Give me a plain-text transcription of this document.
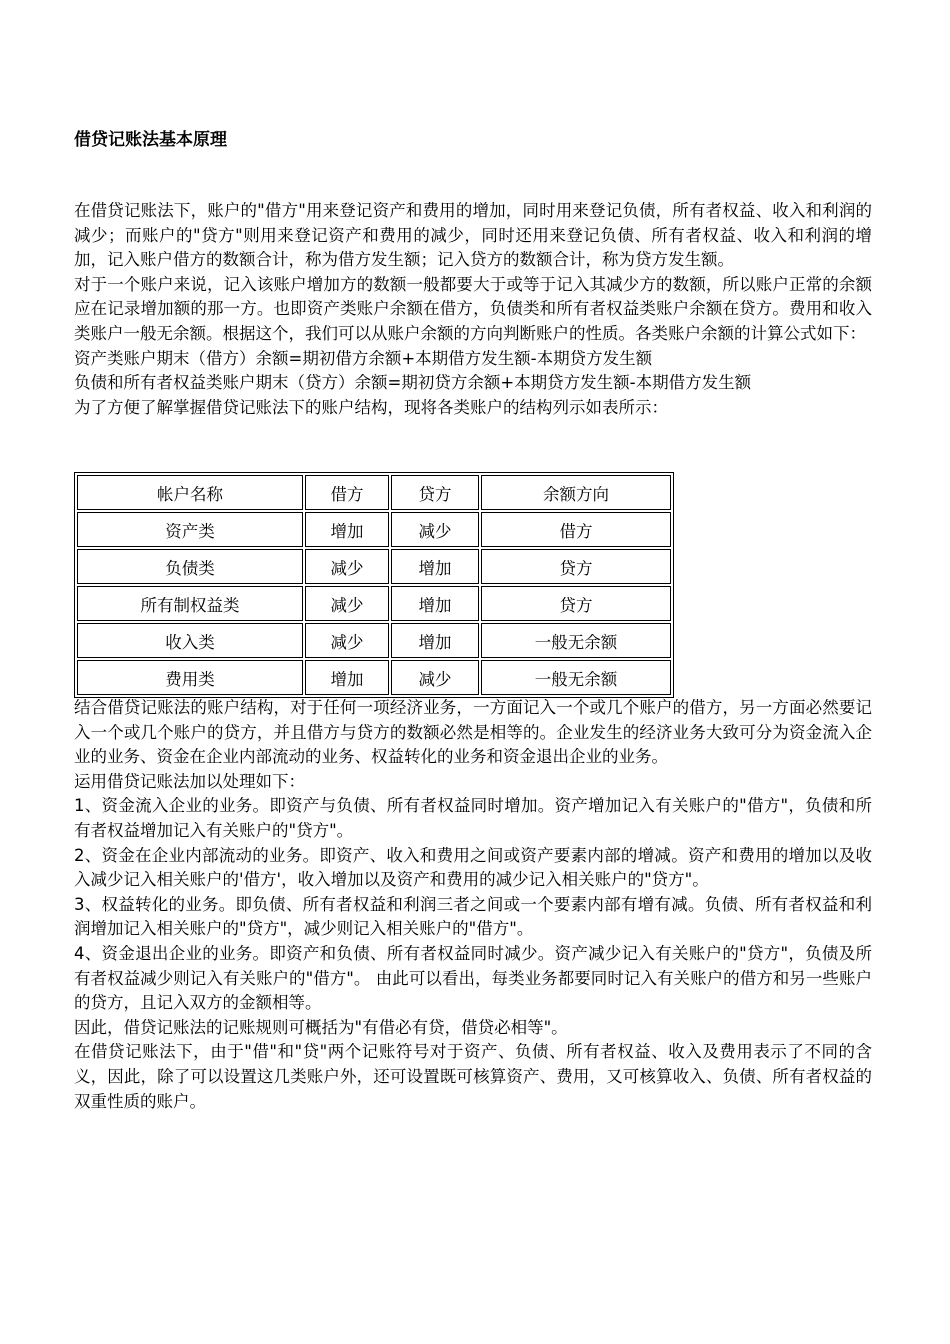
借贷记账法基本原理

在借贷记账法下，账户的"借方"用来登记资产和费用的增加，同时用来登记负债，所有者权益、收入和利润的减少；而账户的"贷方"则用来登记资产和费用的减少，同时还用来登记负债、所有者权益、收入和利润的增加，记入账户借方的数额合计，称为借方发生额；记入贷方的数额合计，称为贷方发生额。

对于一个账户来说，记入该账户增加方的数额一般都要大于或等于记入其减少方的数额，所以账户正常的余额应在记录增加额的那一方。也即资产类账户余额在借方，负债类和所有者权益类账户余额在贷方。费用和收入类账户一般无余额。根据这个，我们可以从账户余额的方向判断账户的性质。各类账户余额的计算公式如下：

资产类账户期末（借方）余额=期初借方余额+本期借方发生额-本期贷方发生额

负债和所有者权益类账户期末（贷方）余额=期初贷方余额+本期贷方发生额-本期借方发生额

为了方便了解掌握借贷记账法下的账户结构，现将各类账户的结构列示如表所示：

帐户名称	借方	贷方	余额方向
资产类	增加	减少	借方
负债类	减少	增加	贷方
所有制权益类	减少	增加	贷方
收入类	减少	增加	一般无余额
费用类	增加	减少	一般无余额

结合借贷记账法的账户结构，对于任何一项经济业务，一方面记入一个或几个账户的借方，另一方面必然要记入一个或几个账户的贷方，并且借方与贷方的数额必然是相等的。企业发生的经济业务大致可分为资金流入企业的业务、资金在企业内部流动的业务、权益转化的业务和资金退出企业的业务。

运用借贷记账法加以处理如下：

1、资金流入企业的业务。即资产与负债、所有者权益同时增加。资产增加记入有关账户的"借方"，负债和所有者权益增加记入有关账户的"贷方"。

2、资金在企业内部流动的业务。即资产、收入和费用之间或资产要素内部的增减。资产和费用的增加以及收入减少记入相关账户的'借方'，收入增加以及资产和费用的减少记入相关账户的"贷方"。

3、权益转化的业务。即负债、所有者权益和利润三者之间或一个要素内部有增有减。负债、所有者权益和利润增加记入相关账户的"贷方"，减少则记入相关账户的"借方"。

4、资金退出企业的业务。即资产和负债、所有者权益同时减少。资产减少记入有关账户的"贷方"，负债及所有者权益减少则记入有关账户的"借方"。 由此可以看出，每类业务都要同时记入有关账户的借方和另一些账户的贷方，且记入双方的金额相等。

因此，借贷记账法的记账规则可概括为"有借必有贷，借贷必相等"。

在借贷记账法下，由于"借"和"贷"两个记账符号对于资产、负债、所有者权益、收入及费用表示了不同的含义，因此，除了可以设置这几类账户外，还可设置既可核算资产、费用，又可核算收入、负债、所有者权益的双重性质的账户。
